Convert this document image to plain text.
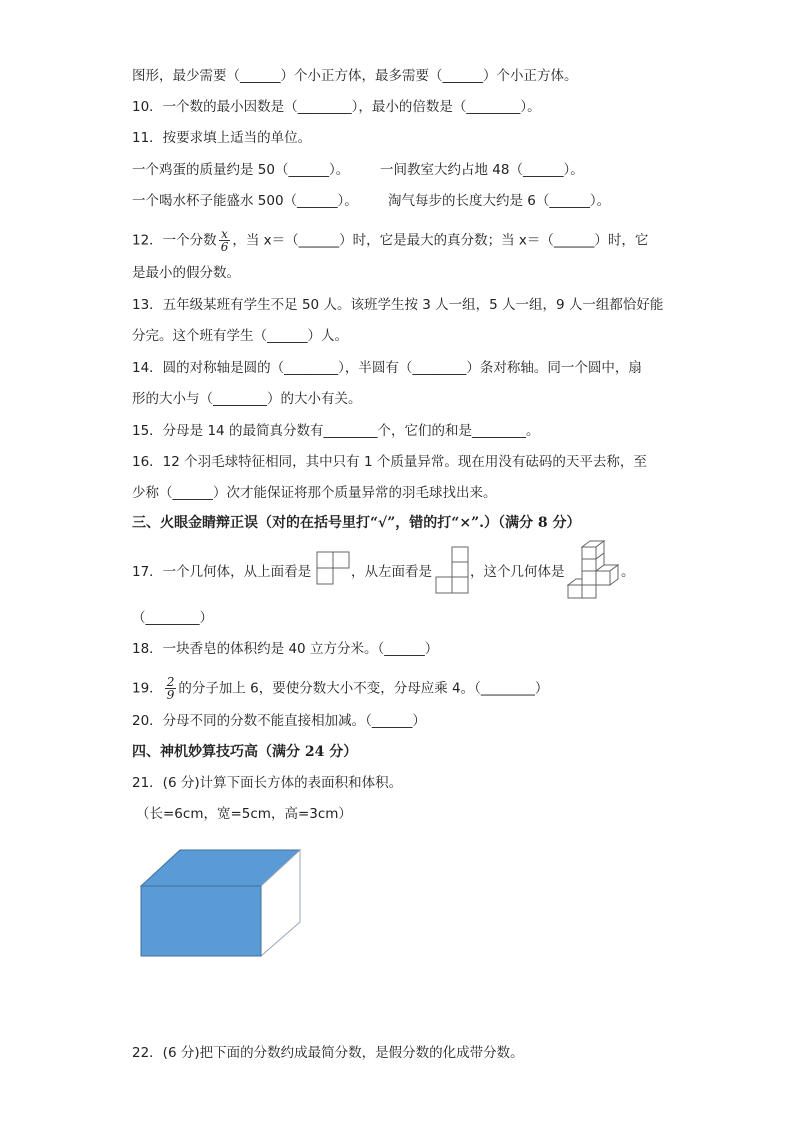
图形，最少需要（______）个小正方体，最多需要（______）个小正方体。
10．一个数的最小因数是（________），最小的倍数是（________）。
11．按要求填上适当的单位。
一个鸡蛋的质量约是 50（______）。 一间教室大约占地 48（______）。
一个喝水杯子能盛水 500（______）。 淘气每步的长度大约是 6（______）。
12．一个分数 $\frac{x}{6}$ ，当 x＝（______）时，它是最大的真分数；当 x＝（______）时，它
是最小的假分数。
13．五年级某班有学生不足 50 人。该班学生按 3 人一组，5 人一组，9 人一组都恰好能
分完。这个班有学生（______）人。
14．圆的对称轴是圆的（________），半圆有（________）条对称轴。同一个圆中，扇
形的大小与（________）的大小有关。
15．分母是 14 的最简真分数有________个，它们的和是________。
16．12 个羽毛球特征相同，其中只有 1 个质量异常。现在用没有砝码的天平去称，至
少称（______）次才能保证将那个质量异常的羽毛球找出来。
三、火眼金睛辩正误（对的在括号里打“√”，错的打“×”.）（满分 8 分）
17．一个几何体，从上面看是	，从左面看是	，这个几何体是	。
（________）
18．一块香皂的体积约是 40 立方分米。（______）
19． $\frac{2}{9}$ 的分子加上 6，要使分数大小不变，分母应乘 4。（________）
20．分母不同的分数不能直接相加减。（______）
四、神机妙算技巧高（满分 24 分）
21．(6 分)计算下面长方体的表面积和体积。
（长=6cm，宽=5cm，高=3cm）
22．(6 分)把下面的分数约成最简分数，是假分数的化成带分数。
